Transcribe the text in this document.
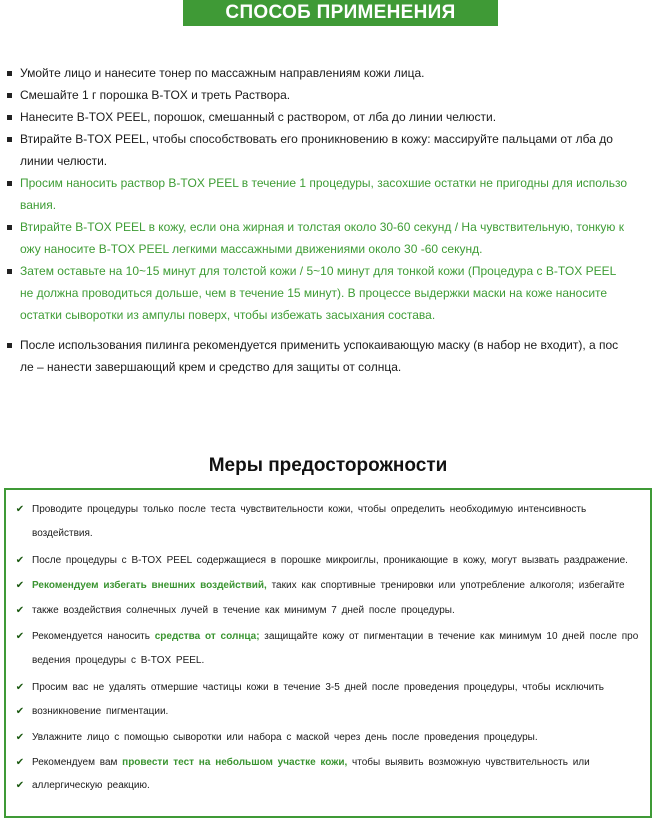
СПОСОБ ПРИМЕНЕНИЯ
Умойте лицо и нанесите тонер по массажным направлениям кожи лица.
Смешайте 1 г порошка B-TOX и треть Раствора.
Нанесите B-TOX PEEL, порошок, смешанный с раствором, от лба до линии челюсти.
Втирайте B-TOX PEEL, чтобы способствовать его проникновению в кожу: массируйте пальцами от лба до
линии челюсти.
Просим наносить раствор B-TOX PEEL в течение 1 процедуры, засохшие остатки не пригодны для использо
вания.
Втирайте B-TOX PEEL в кожу, если она жирная и толстая около 30-60 секунд / На чувствительную, тонкую к
ожу наносите B-TOX PEEL легкими массажными движениями около 30 -60 секунд.
Затем оставьте на 10~15 минут для толстой кожи / 5~10 минут для тонкой кожи (Процедура с B-TOX PEEL
не должна проводиться дольше, чем в течение 15 минут). В процессе выдержки маски на коже наносите
остатки сыворотки из ампулы поверх, чтобы избежать засыхания состава.
После использования пилинга рекомендуется применить успокаивающую маску (в набор не входит), а пос
ле – нанести завершающий крем и средство для защиты от солнца.
Меры предосторожности
✔ Проводите процедуры только после теста чувствительности кожи, чтобы определить необходимую интенсивность
воздействия.
✔ После процедуры с B-TOX PEEL содержащиеся в порошке микроиглы, проникающие в кожу, могут вызвать раздражение.
✔ Рекомендуем избегать внешних воздействий, таких как спортивные тренировки или употребление алкоголя; избегайте
✔ также воздействия солнечных лучей в течение как минимум 7 дней после процедуры.
✔ Рекомендуется наносить средства от солнца; защищайте кожу от пигментации в течение как минимум 10 дней после про
ведения процедуры с B-TOX PEEL.
✔ Просим вас не удалять отмершие частицы кожи в течение 3-5 дней после проведения процедуры, чтобы исключить
✔ возникновение пигментации.
✔ Увлажните лицо с помощью сыворотки или набора с маской через день после проведения процедуры.
✔ Рекомендуем вам провести тест на небольшом участке кожи, чтобы выявить возможную чувствительность или
✔ аллергическую реакцию.
